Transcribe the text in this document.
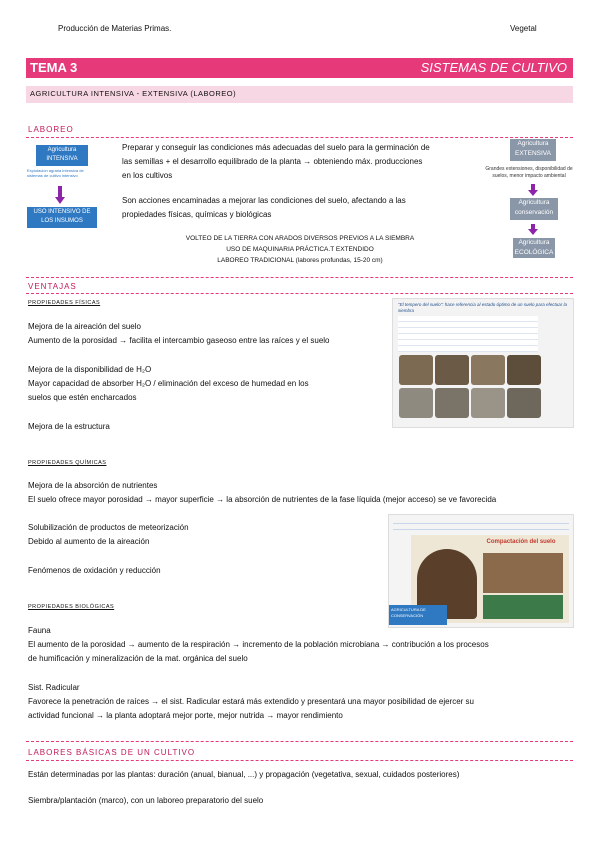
Producción de Materias Primas.	Vegetal
TEMA 3	SISTEMAS DE CULTIVO
AGRICULTURA INTENSIVA - EXTENSIVA (LABOREO)
LABOREO
Agricultura INTENSIVA
Explotación agraria intensiva de sistemas de cultivo intensivo
USO INTENSIVO DE LOS INSUMOS
Preparar y conseguir las condiciones más adecuadas del suelo para la germinación de
las semillas + el desarrollo equilibrado de la planta → obteniendo máx. producciones
en los cultivos
Son acciones encaminadas a mejorar las condiciones del suelo, afectando a las
propiedades físicas, químicas y biológicas
VOLTEO DE LA TIERRA CON ARADOS DIVERSOS PREVIOS A LA SIEMBRA
USO DE MAQUINARIA PRÁCTICA.T EXTENDIDO
LABOREO TRADICIONAL (labores profundas, 15-20 cm)
Agricultura EXTENSIVA
Grandes extensiones, disponibilidad de suelos, menor impacto ambiental
Agricultura conservación
Agricultura ECOLÓGICA
VENTAJAS
PROPIEDADES FÍSICAS
Mejora de la aireación del suelo
Aumento de la porosidad → facilita el intercambio gaseoso entre las raíces y el suelo
Mejora de la disponibilidad de H₂O
Mayor capacidad de absorber H₂O / eliminación del exceso de humedad en los
suelos que estén encharcados
Mejora de la estructura
"El tempero del suelo": hace referencia al estado óptimo de un suelo para efectuar la siembra
PROPIEDADES QUÍMICAS
Mejora de la absorción de nutrientes
El suelo ofrece mayor porosidad → mayor superficie → la absorción de nutrientes de la fase líquida (mejor acceso) se ve favorecida
Compactación del suelo
AGRICULTURA DE CONSERVACIÓN
Solubilización de productos de meteorización
Debido al aumento de la aireación
Fenómenos de oxidación y reducción
PROPIEDADES BIOLÓGICAS
Fauna
El aumento de la porosidad → aumento de la respiración → incremento de la población microbiana → contribución a los procesos
de humificación y mineralización de la mat. orgánica del suelo
Sist. Radicular
Favorece la penetración de raíces → el sist. Radicular estará más extendido y presentará una mayor posibilidad de ejercer su
actividad funcional → la planta adoptará mejor porte, mejor nutrida → mayor rendimiento
LABORES BÁSICAS DE UN CULTIVO
Están determinadas por las plantas: duración (anual, bianual, ...) y propagación (vegetativa, sexual, cuidados posteriores)
Siembra/plantación (marco), con un laboreo preparatorio del suelo
